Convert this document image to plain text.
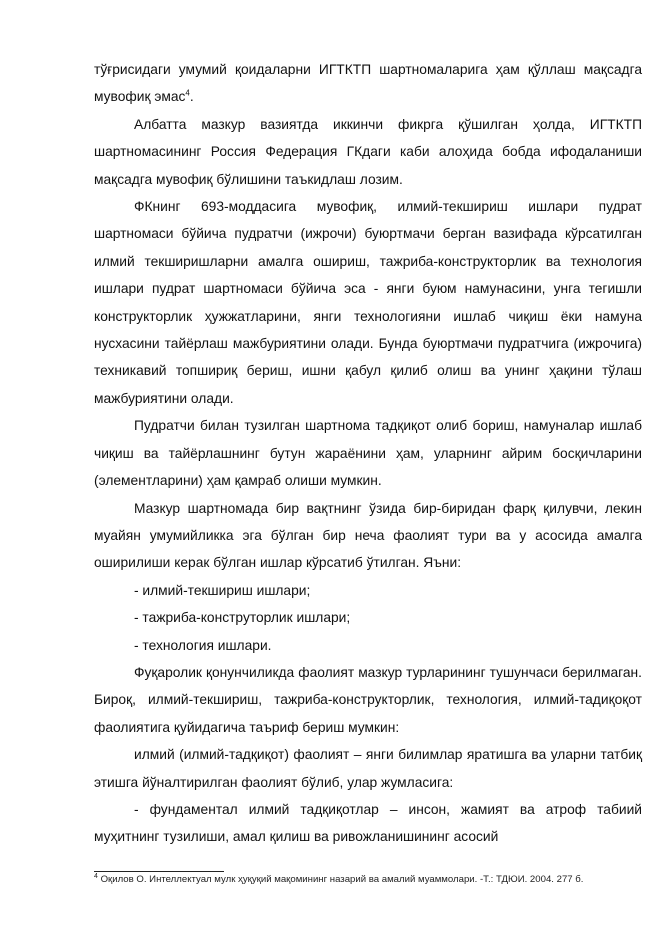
тўғрисидаги умумий қоидаларни ИГТКТП шартномаларига ҳам қўллаш мақсадга мувофиқ эмас$^4$.

Албатта мазкур вазиятда иккинчи фикрга қўшилган ҳолда, ИГТКТП шартномасининг Россия Федерация ГКдаги каби алоҳида бобда ифодаланиши мақсадга мувофиқ бўлишини таъкидлаш лозим.

ФКнинг 693-моддасига мувофиқ, илмий-текшириш ишлари пудрат шартномаси бўйича пудратчи (ижрочи) буюртмачи берган вазифада кўрсатилган илмий текширишларни амалга ошириш, тажриба-конструкторлик ва технология ишлари пудрат шартномаси бўйича эса - янги буюм намунасини, унга тегишли конструкторлик ҳужжатларини, янги технологияни ишлаб чиқиш ёки намуна нусхасини тайёрлаш мажбуриятини олади. Бунда буюртмачи пудратчига (ижрочига) техникавий топшириқ бериш, ишни қабул қилиб олиш ва унинг ҳақини тўлаш мажбуриятини олади.

Пудратчи билан тузилган шартнома тадқиқот олиб бориш, намуналар ишлаб чиқиш ва тайёрлашнинг бутун жараёнини ҳам, уларнинг айрим босқичларини (элементларини) ҳам қамраб олиши мумкин.

Мазкур шартномада бир вақтнинг ўзида бир-биридан фарқ қилувчи, лекин муайян умумийликка эга бўлган бир неча фаолият тури ва у асосида амалга оширилиши керак бўлган ишлар кўрсатиб ўтилган. Яъни:

- илмий-текшириш ишлари;

- тажриба-конструторлик ишлари;

- технология ишлари.

Фуқаролик қонунчиликда фаолият мазкур турларининг тушунчаси берилмаган. Бироқ, илмий-текшириш, тажриба-конструкторлик, технология, илмий-тадиқоқот фаолиятига қуйидагича таъриф бериш мумкин:

илмий (илмий-тадқиқот) фаолият – янги билимлар яратишга ва уларни татбиқ этишга йўналтирилган фаолият бўлиб, улар жумласига:

- фундаментал илмий тадқиқотлар – инсон, жамият ва атроф табиий муҳитнинг тузилиши, амал қилиш ва ривожланишининг асосий

$^4$ Оқилов О. Интеллектуал мулк ҳуқуқий мақомининг назарий ва амалий муаммолари. -Т.: ТДЮИ. 2004. 277 б.
